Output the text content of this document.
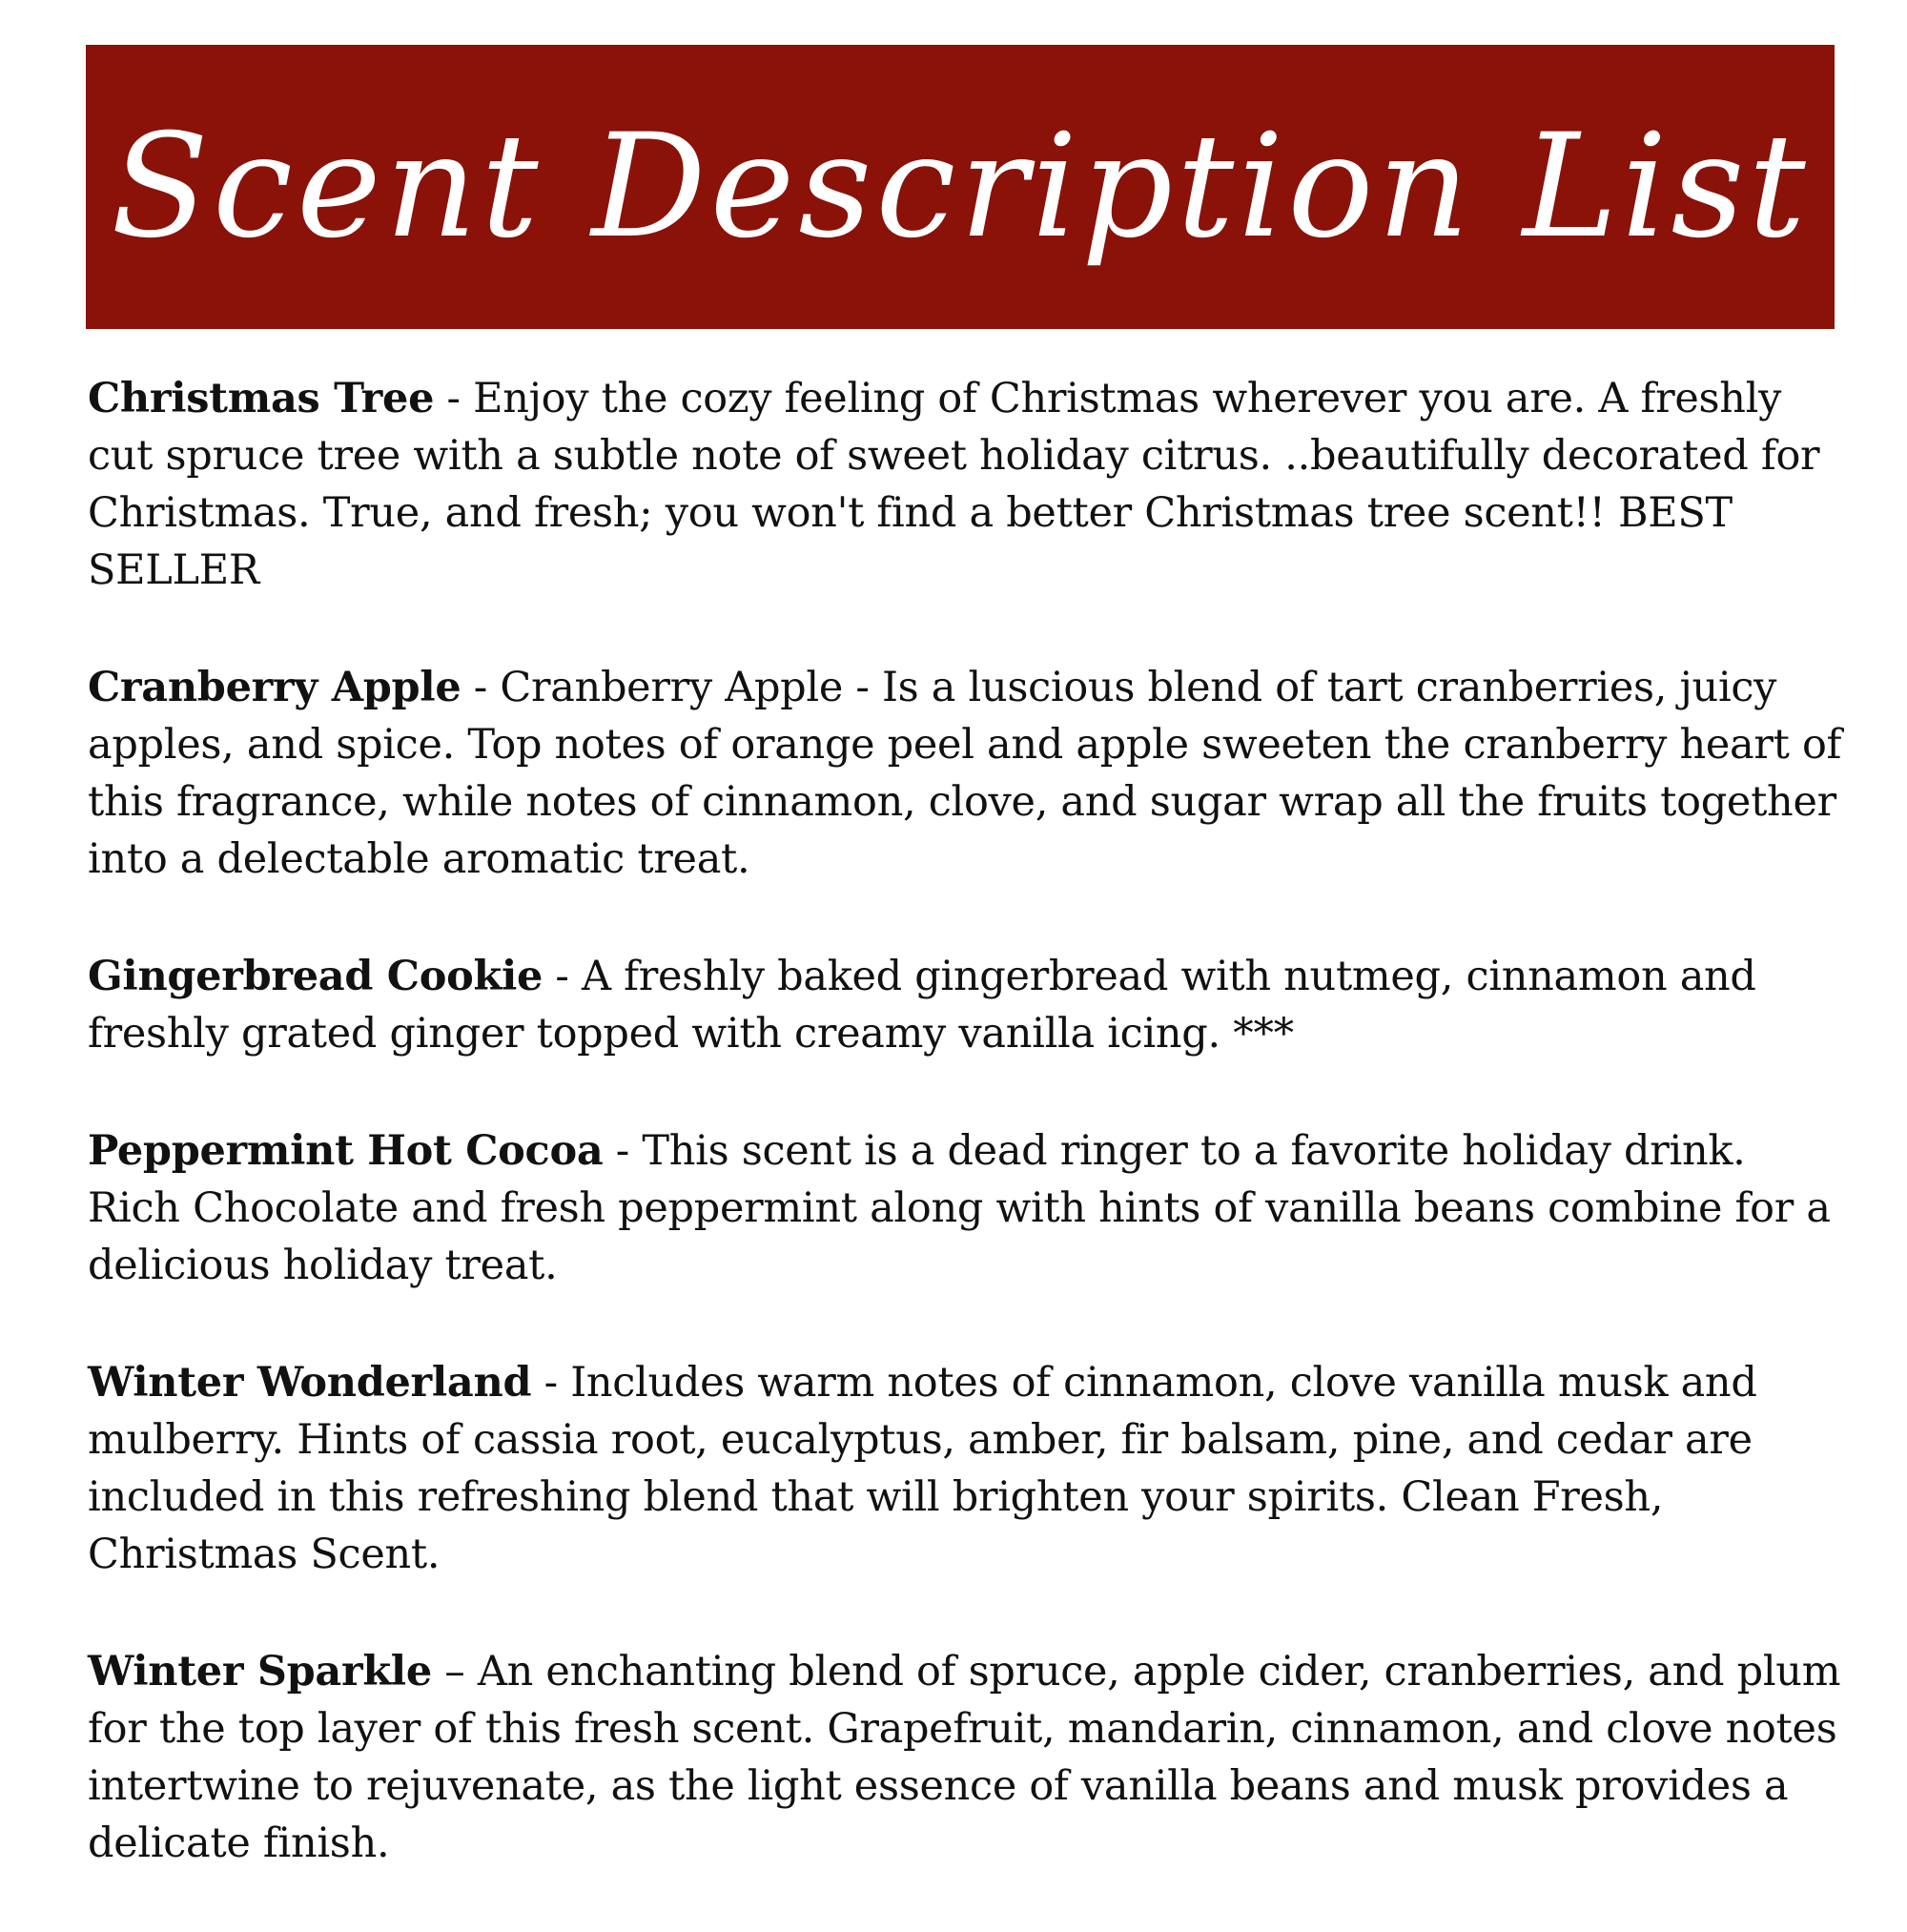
Scent Description List

Christmas Tree - Enjoy the cozy feeling of Christmas wherever you are. A freshly cut spruce tree with a subtle note of sweet holiday citrus. ..beautifully decorated for Christmas. True, and fresh; you won't find a better Christmas tree scent!! BEST SELLER

Cranberry Apple - Cranberry Apple - Is a luscious blend of tart cranberries, juicy apples, and spice. Top notes of orange peel and apple sweeten the cranberry heart of this fragrance, while notes of cinnamon, clove, and sugar wrap all the fruits together into a delectable aromatic treat.

Gingerbread Cookie - A freshly baked gingerbread with nutmeg, cinnamon and freshly grated ginger topped with creamy vanilla icing. ***

Peppermint Hot Cocoa - This scent is a dead ringer to a favorite holiday drink. Rich Chocolate and fresh peppermint along with hints of vanilla beans combine for a delicious holiday treat.

Winter Wonderland - Includes warm notes of cinnamon, clove vanilla musk and mulberry. Hints of cassia root, eucalyptus, amber, fir balsam, pine, and cedar are included in this refreshing blend that will brighten your spirits. Clean Fresh, Christmas Scent.

Winter Sparkle – An enchanting blend of spruce, apple cider, cranberries, and plum for the top layer of this fresh scent. Grapefruit, mandarin, cinnamon, and clove notes intertwine to rejuvenate, as the light essence of vanilla beans and musk provides a delicate finish.
